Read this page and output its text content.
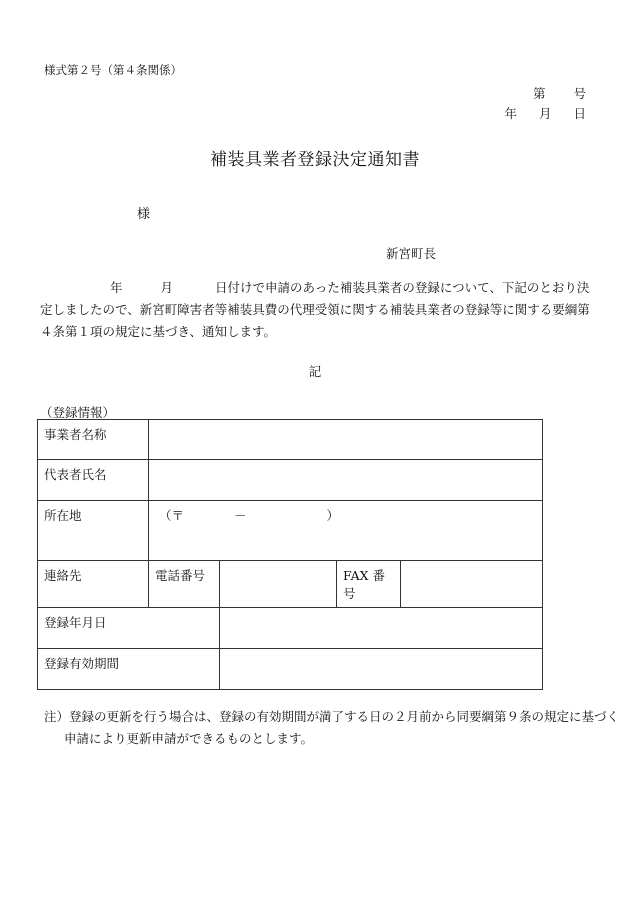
様式第２号（第４条関係）
第 号
年 月 日
補装具業者登録決定通知書
様
新宮町長
年	月	日付けで申請のあった補装具業者の登録について、下記のとおり決定しましたので、新宮町障害者等補装具費の代理受領に関する補装具業者の登録等に関する要綱第４条第１項の規定に基づき、通知します。
記
（登録情報）
事業者名称				
代表者氏名				
所在地	（〒 － ）			
連絡先	電話番号		FAX 番号	
登録年月日				
登録有効期間				
注）登録の更新を行う場合は、登録の有効期間が満了する日の２月前から同要綱第９条の規定に基づく申請により更新申請ができるものとします。
